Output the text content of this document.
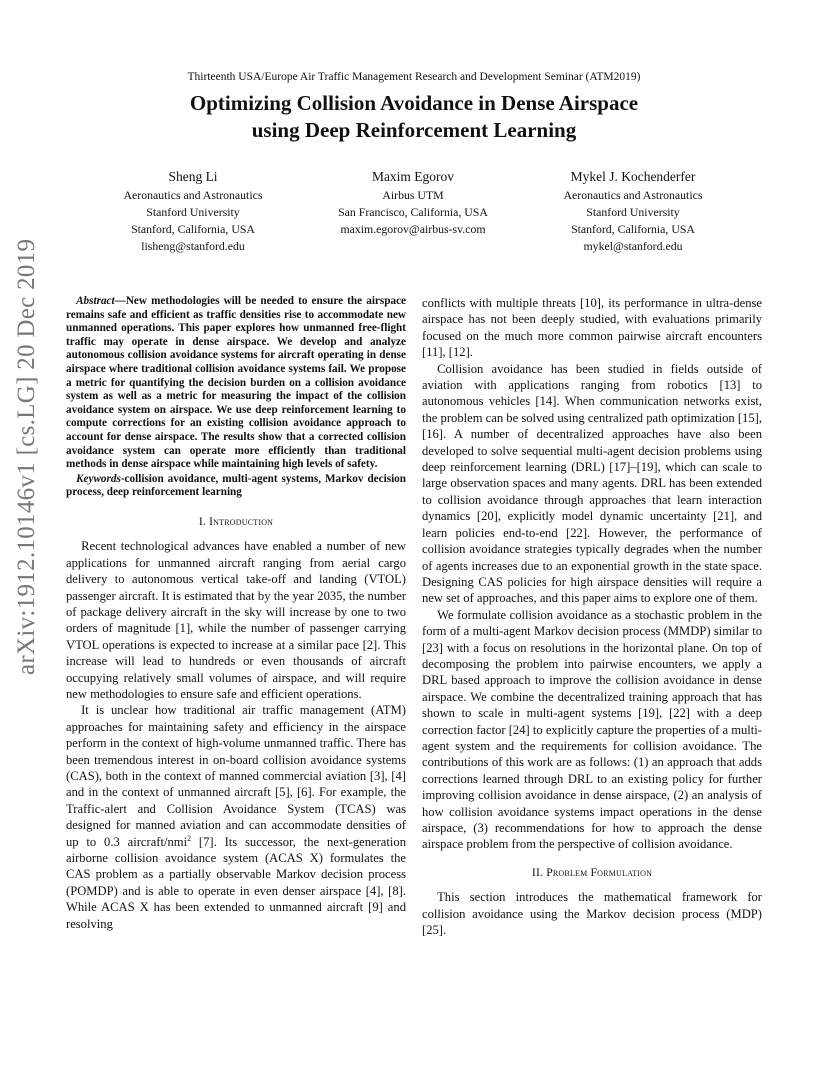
Thirteenth USA/Europe Air Traffic Management Research and Development Seminar (ATM2019)
Optimizing Collision Avoidance in Dense Airspace
using Deep Reinforcement Learning
Sheng Li
Aeronautics and Astronautics
Stanford University
Stanford, California, USA
lisheng@stanford.edu
Maxim Egorov
Airbus UTM
San Francisco, California, USA
maxim.egorov@airbus-sv.com
Mykel J. Kochenderfer
Aeronautics and Astronautics
Stanford University
Stanford, California, USA
mykel@stanford.edu
arXiv:1912.10146v1 [cs.LG] 20 Dec 2019	Abstract—New methodologies will be needed to ensure the airspace remains safe and efficient as traffic densities rise to accommodate new unmanned operations. This paper explores how unmanned free-flight traffic may operate in dense airspace. We develop and analyze autonomous collision avoidance systems for aircraft operating in dense airspace where traditional collision avoidance systems fail. We propose a metric for quantifying the decision burden on a collision avoidance system as well as a metric for measuring the impact of the collision avoidance system on airspace. We use deep reinforcement learning to compute corrections for an existing collision avoidance approach to account for dense airspace. The results show that a corrected collision avoidance system can operate more efficiently than traditional methods in dense airspace while maintaining high levels of safety.
Keywords-collision avoidance, multi-agent systems, Markov decision process, deep reinforcement learning
I. Introduction

Recent technological advances have enabled a number of new applications for unmanned aircraft ranging from aerial cargo delivery to autonomous vertical take-off and landing (VTOL) passenger aircraft. It is estimated that by the year 2035, the number of package delivery aircraft in the sky will increase by one to two orders of magnitude [1], while the number of passenger carrying VTOL operations is expected to increase at a similar pace [2]. This increase will lead to hundreds or even thousands of aircraft occupying relatively small volumes of airspace, and will require new methodologies to ensure safe and efficient operations.

It is unclear how traditional air traffic management (ATM) approaches for maintaining safety and efficiency in the airspace perform in the context of high-volume unmanned traffic. There has been tremendous interest in on-board collision avoidance systems (CAS), both in the context of manned commercial aviation [3], [4] and in the context of unmanned aircraft [5], [6]. For example, the Traffic-alert and Collision Avoidance System (TCAS) was designed for manned aviation and can accommodate densities of up to 0.3 aircraft/nmi$^2$ [7]. Its successor, the next-generation airborne collision avoidance system (ACAS X) formulates the CAS problem as a partially observable Markov decision process (POMDP) and is able to operate in even denser airspace [4], [8]. While ACAS X has been extended to unmanned aircraft [9] and resolving

conflicts with multiple threats [10], its performance in ultra-dense airspace has not been deeply studied, with evaluations primarily focused on the much more common pairwise aircraft encounters [11], [12].

Collision avoidance has been studied in fields outside of aviation with applications ranging from robotics [13] to autonomous vehicles [14]. When communication networks exist, the problem can be solved using centralized path optimization [15], [16]. A number of decentralized approaches have also been developed to solve sequential multi-agent decision problems using deep reinforcement learning (DRL) [17]–[19], which can scale to large observation spaces and many agents. DRL has been extended to collision avoidance through approaches that learn interaction dynamics [20], explicitly model dynamic uncertainty [21], and learn policies end-to-end [22]. However, the performance of collision avoidance strategies typically degrades when the number of agents increases due to an exponential growth in the state space. Designing CAS policies for high airspace densities will require a new set of approaches, and this paper aims to explore one of them.

We formulate collision avoidance as a stochastic problem in the form of a multi-agent Markov decision process (MMDP) similar to [23] with a focus on resolutions in the horizontal plane. On top of decomposing the problem into pairwise encounters, we apply a DRL based approach to improve the collision avoidance in dense airspace. We combine the decentralized training approach that has shown to scale in multi-agent systems [19], [22] with a deep correction factor [24] to explicitly capture the properties of a multi-agent system and the requirements for collision avoidance. The contributions of this work are as follows: (1) an approach that adds corrections learned through DRL to an existing policy for further improving collision avoidance in dense airspace, (2) an analysis of how collision avoidance systems impact operations in the dense airspace, (3) recommendations for how to approach the dense airspace problem from the perspective of collision avoidance.

II. Problem Formulation

This section introduces the mathematical framework for collision avoidance using the Markov decision process (MDP) [25].
